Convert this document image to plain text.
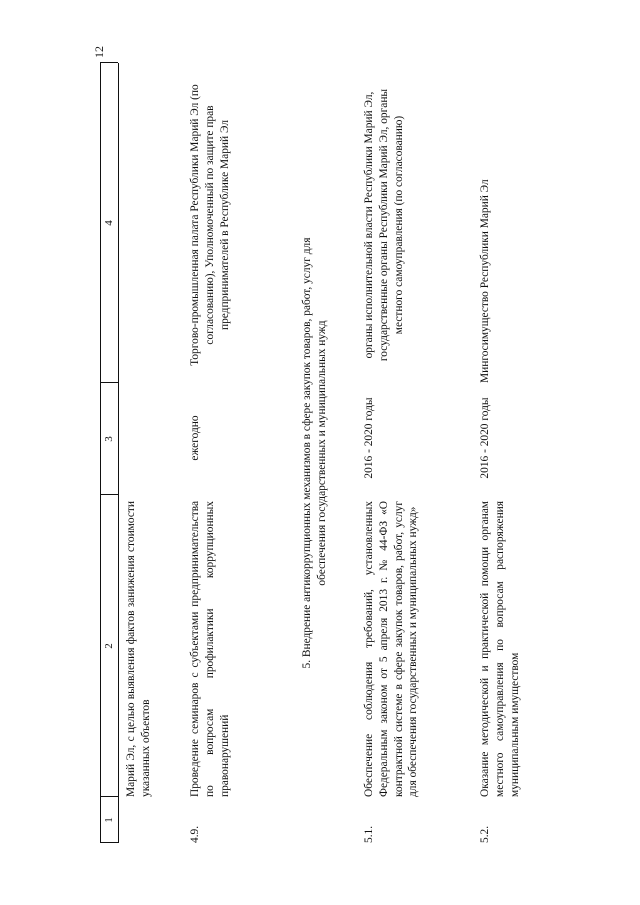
12
1
2
3
4
Марий Эл, с целью выявления фактов занижения стоимости указанных объектов
4.9.
Проведение семинаров с субъектами предпринимательства по вопросам профилактики коррупционных правонарушений
ежегодно
Торгово-промышленная палата Республики Марий Эл (по согласованию), Уполномоченный по защите прав предпринимателей в Республике Марий Эл
5. Внедрение антикоррупционных механизмов в сфере закупок товаров, работ, услуг для обеспечения государственных и муниципальных нужд
5.1.
Обеспечение соблюдения требований, установленных Федеральным законом от 5 апреля 2013 г. № 44-ФЗ «О контрактной системе в сфере закупок товаров, работ, услуг для обеспечения государственных и муниципальных нужд»
2016 - 2020 годы
органы исполнительной власти Республики Марий Эл, государственные органы Республики Марий Эл, органы местного самоуправления (по согласованию)
5.2.
Оказание методической и практической помощи органам местного самоуправления по вопросам распоряжения муниципальным имуществом
2016 - 2020 годы
Мингосимущество Республики Марий Эл
